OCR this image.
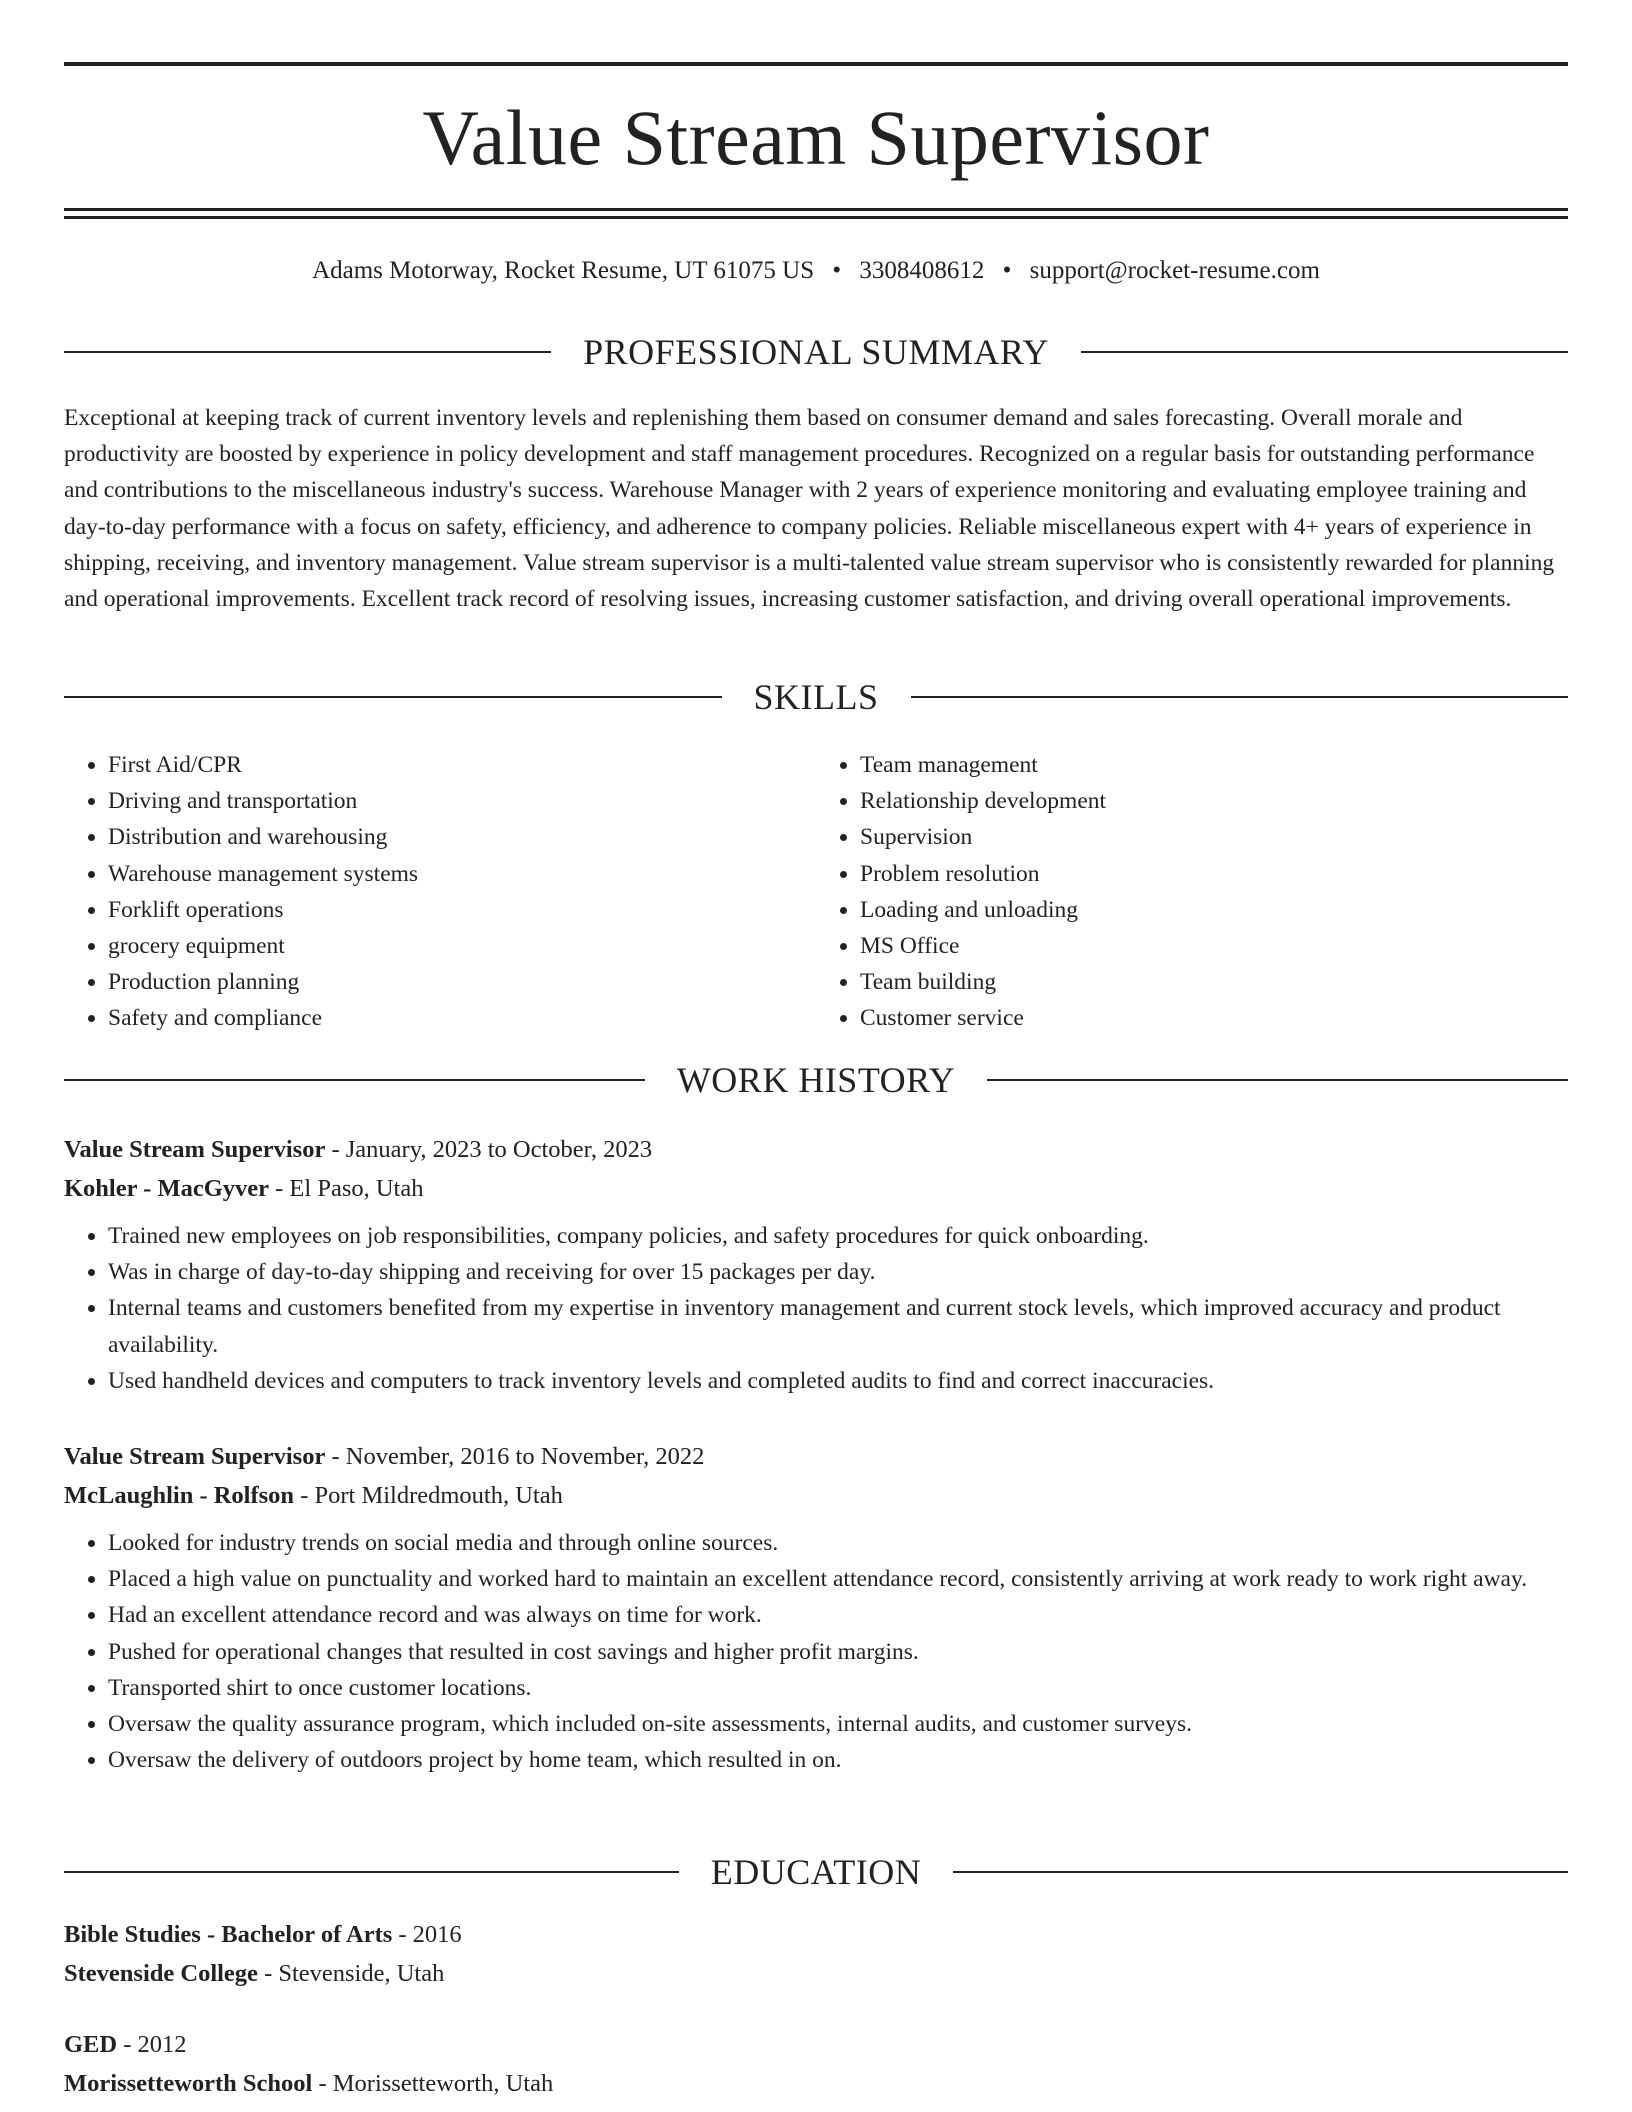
Value Stream Supervisor
Adams Motorway, Rocket Resume, UT 61075 US • 3308408612 • support@rocket-resume.com
PROFESSIONAL SUMMARY

Exceptional at keeping track of current inventory levels and replenishing them based on consumer demand and sales forecasting. Overall morale and productivity are boosted by experience in policy development and staff management procedures. Recognized on a regular basis for outstanding performance and contributions to the miscellaneous industry's success. Warehouse Manager with 2 years of experience monitoring and evaluating employee training and day-to-day performance with a focus on safety, efficiency, and adherence to company policies. Reliable miscellaneous expert with 4+ years of experience in shipping, receiving, and inventory management. Value stream supervisor is a multi-talented value stream supervisor who is consistently rewarded for planning and operational improvements. Excellent track record of resolving issues, increasing customer satisfaction, and driving overall operational improvements.

SKILLS
• First Aid/CPR
• Driving and transportation
• Distribution and warehousing
• Warehouse management systems
• Forklift operations
• grocery equipment
• Production planning
• Safety and compliance
• Team management
• Relationship development
• Supervision
• Problem resolution
• Loading and unloading
• MS Office
• Team building
• Customer service
WORK HISTORY
Value Stream Supervisor - January, 2023 to October, 2023
Kohler - MacGyver - El Paso, Utah
• Trained new employees on job responsibilities, company policies, and safety procedures for quick onboarding.
• Was in charge of day-to-day shipping and receiving for over 15 packages per day.
• Internal teams and customers benefited from my expertise in inventory management and current stock levels, which improved accuracy and product availability.
• Used handheld devices and computers to track inventory levels and completed audits to find and correct inaccuracies.
Value Stream Supervisor - November, 2016 to November, 2022
McLaughlin - Rolfson - Port Mildredmouth, Utah
• Looked for industry trends on social media and through online sources.
• Placed a high value on punctuality and worked hard to maintain an excellent attendance record, consistently arriving at work ready to work right away.
• Had an excellent attendance record and was always on time for work.
• Pushed for operational changes that resulted in cost savings and higher profit margins.
• Transported shirt to once customer locations.
• Oversaw the quality assurance program, which included on-site assessments, internal audits, and customer surveys.
• Oversaw the delivery of outdoors project by home team, which resulted in on.
EDUCATION
Bible Studies - Bachelor of Arts - 2016
Stevenside College - Stevenside, Utah
GED - 2012
Morissetteworth School - Morissetteworth, Utah
